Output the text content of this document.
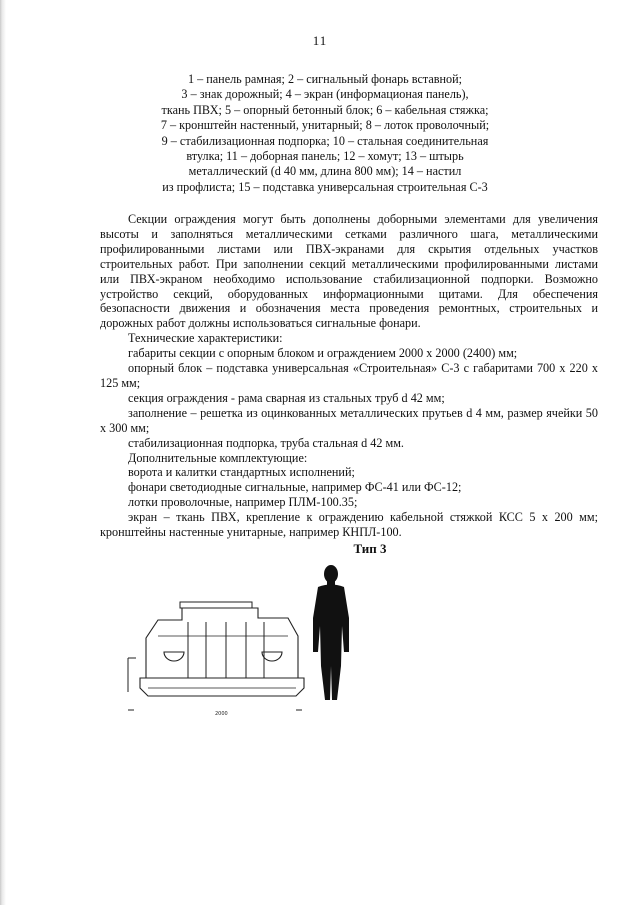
11
1 – панель рамная; 2 – сигнальный фонарь вставной;
3 – знак дорожный; 4 – экран (информационая панель),
ткань ПВХ; 5 – опорный бетонный блок; 6 – кабельная стяжка;
7 – кронштейн настенный, унитарный; 8 – лоток проволочный;
9 – стабилизационная подпорка; 10 – стальная соединительная
втулка; 11 – доборная панель; 12 – хомут; 13 – штырь
металлический (d 40 мм, длина 800 мм); 14 – настил
из профлиста; 15 – подставка универсальная строительная С-3

Секции ограждения могут быть дополнены доборными элементами для увеличения высоты и заполняться металлическими сетками различного шага, металлическими профилированными листами или ПВХ-экранами для скрытия отдельных участков строительных работ. При заполнении секций металлическими профилированными листами или ПВХ-экраном необходимо использование стабилизационной подпорки. Возможно устройство секций, оборудованных информационными щитами. Для обеспечения безопасности движения и обозначения места проведения ремонтных, строительных и дорожных работ должны использоваться сигнальные фонари.

Технические характеристики:

габариты секции с опорным блоком и ограждением 2000 х 2000 (2400) мм;

опорный блок – подставка универсальная «Строительная» С-3 с габаритами 700 х 220 х 125 мм;

секция ограждения - рама сварная из стальных труб d 42 мм;

заполнение – решетка из оцинкованных металлических прутьев d 4 мм, размер ячейки 50 х 300 мм;

стабилизационная подпорка, труба стальная d 42 мм.

Дополнительные комплектующие:

ворота и калитки стандартных исполнений;

фонари светодиодные сигнальные, например ФС-41 или ФС-12;

лотки проволочные, например ПЛМ-100.35;

экран – ткань ПВХ, крепление к ограждению кабельной стяжкой КСС 5 х 200 мм; кронштейны настенные унитарные, например КНПЛ-100.

Тип 3
2000
